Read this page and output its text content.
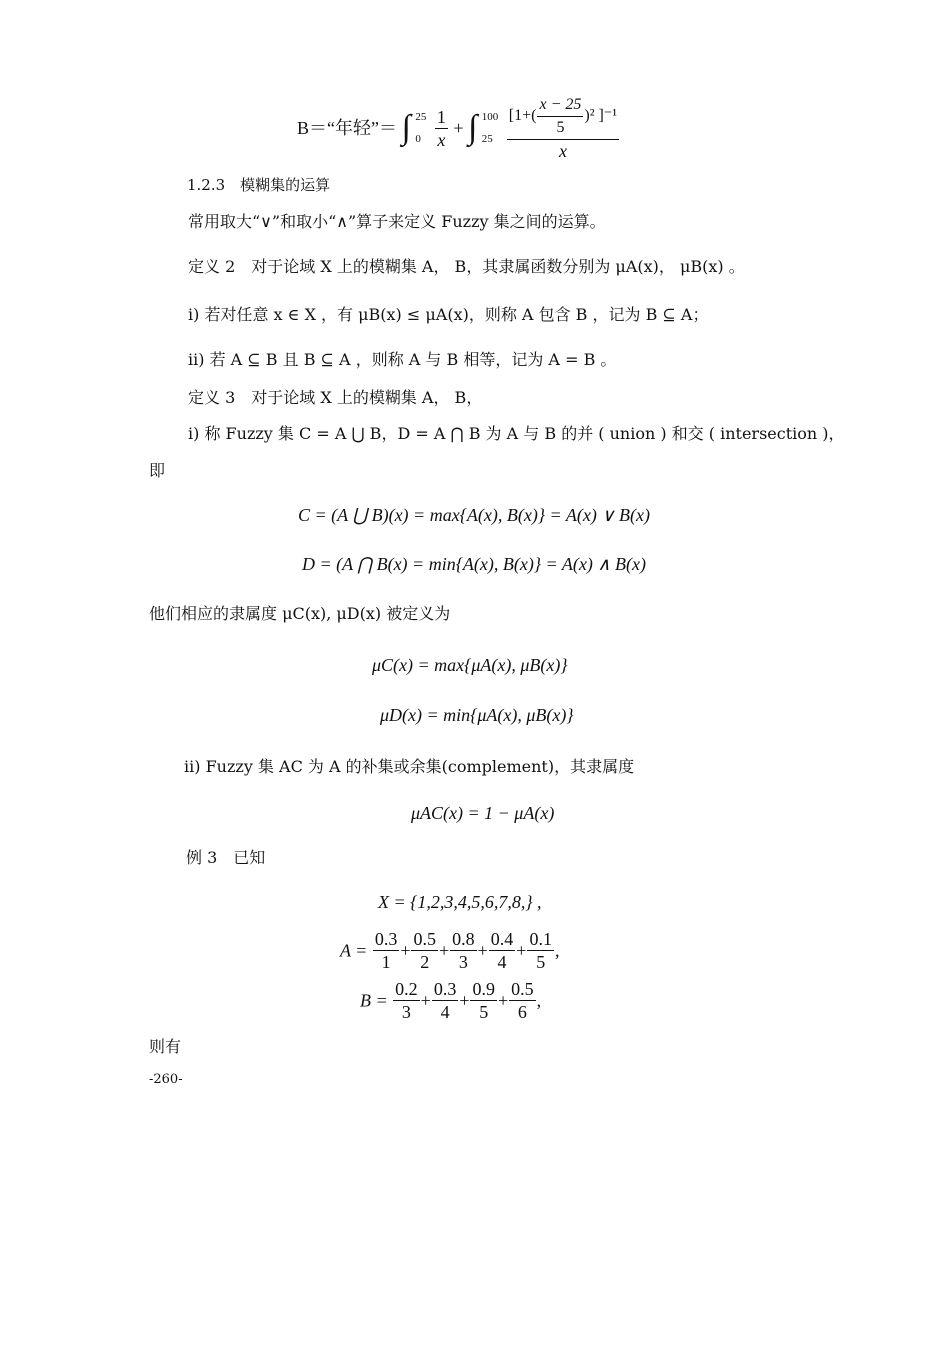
B＝“年轻”＝ ∫ 25
0
$\frac{1}{x}$ + ∫ 100
25
$\frac{[1+( \frac{x - 25}{5} )^2 ]^{-1}}{x}$
1.2.3　模糊集的运算
常用取大“∨”和取小“∧”算子来定义 Fuzzy 集之间的运算。
定义 2　对于论域 X 上的模糊集 A， B，其隶属函数分别为 μA(x)， μB(x) 。
i) 若对任意 x ∈ X ，有 μB(x) ≤ μA(x)，则称 A 包含 B ，记为 B ⊆ A；
ii) 若 A ⊆ B 且 B ⊆ A ，则称 A 与 B 相等，记为 A = B 。
定义 3　对于论域 X 上的模糊集 A， B，
i) 称 Fuzzy 集 C = A ⋃ B，D = A ⋂ B 为 A 与 B 的并 ( union ) 和交 ( intersection )，
即
C = (A ⋃ B)(x) = max{A(x), B(x)} = A(x) ∨ B(x)
D = (A ⋂ B(x) = min{A(x), B(x)} = A(x) ∧ B(x)
他们相应的隶属度 μC(x), μD(x) 被定义为
μC(x) = max{μA(x), μB(x)}
μD(x) = min{μA(x), μB(x)}
ii) Fuzzy 集 AC 为 A 的补集或余集(complement)，其隶属度
μAC(x) = 1 − μA(x)
例 3　已知
X = {1,2,3,4,5,6,7,8,} ,
$A = \frac{0.3}{1} + \frac{0.5}{2} + \frac{0.8}{3} + \frac{0.4}{4} + \frac{0.1}{5}$ ,
$B = \frac{0.2}{3} + \frac{0.3}{4} + \frac{0.9}{5} + \frac{0.5}{6}$ ,
则有
-260-
